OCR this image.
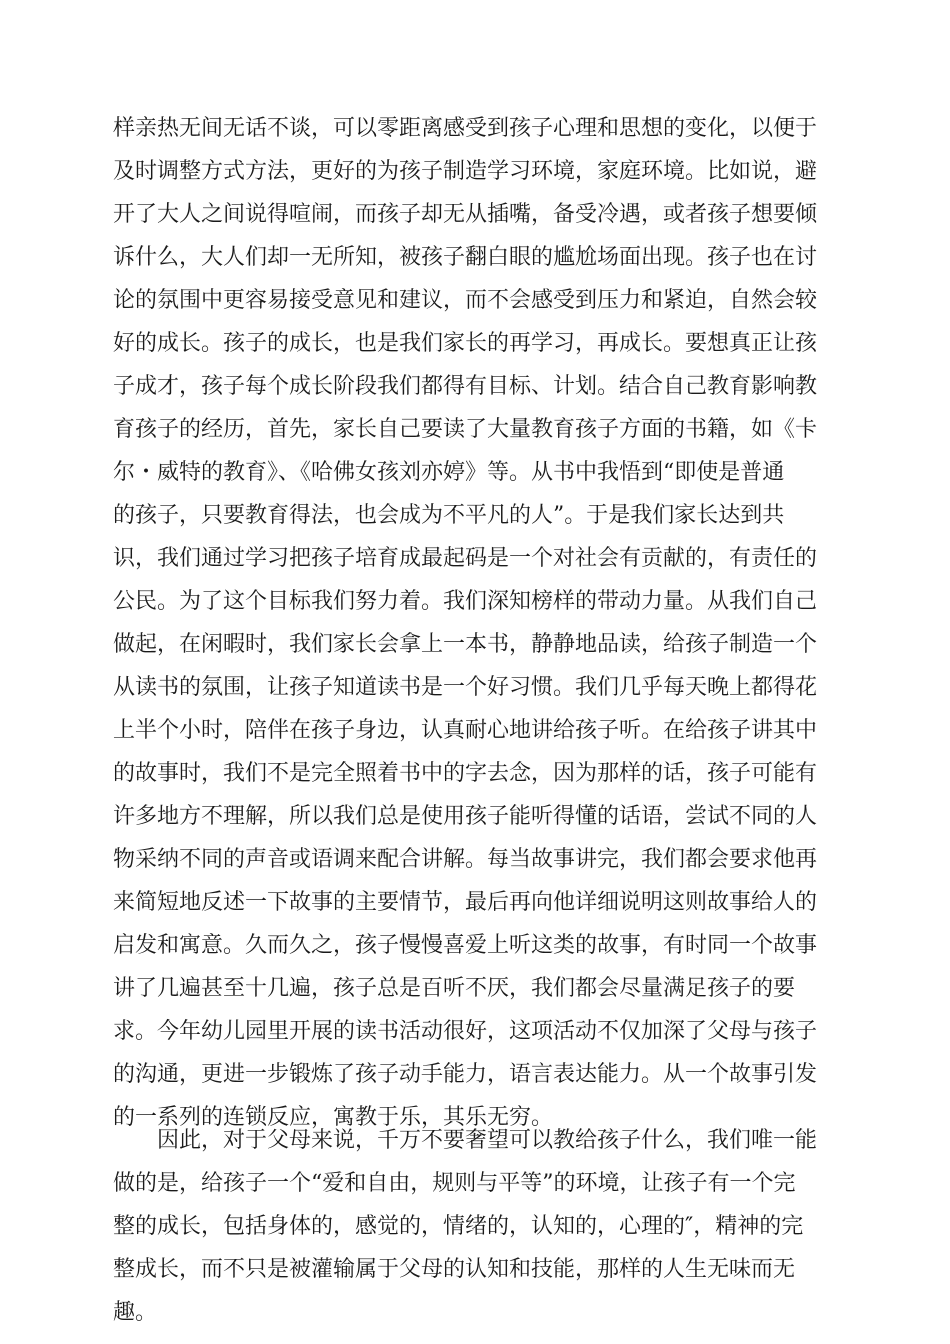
样亲热无间无话不谈，可以零距离感受到孩子心理和思想的变化，以便于
及时调整方式方法，更好的为孩子制造学习环境，家庭环境。比如说，避
开了大人之间说得喧闹，而孩子却无从插嘴，备受冷遇，或者孩子想要倾
诉什么，大人们却一无所知，被孩子翻白眼的尴尬场面出现。孩子也在讨
论的氛围中更容易接受意见和建议，而不会感受到压力和紧迫，自然会较
好的成长。孩子的成长，也是我们家长的再学习，再成长。要想真正让孩
子成才，孩子每个成长阶段我们都得有目标、计划。结合自己教育影响教
育孩子的经历，首先，家长自己要读了大量教育孩子方面的书籍，如《卡
尔・威特的教育》、《哈佛女孩刘亦婷》等。从书中我悟到“即使是普通
的孩子，只要教育得法，也会成为不平凡的人”。于是我们家长达到共
识，我们通过学习把孩子培育成最起码是一个对社会有贡献的，有责任的
公民。为了这个目标我们努力着。我们深知榜样的带动力量。从我们自己
做起，在闲暇时，我们家长会拿上一本书，静静地品读，给孩子制造一个
从读书的氛围，让孩子知道读书是一个好习惯。我们几乎每天晚上都得花
上半个小时，陪伴在孩子身边，认真耐心地讲给孩子听。在给孩子讲其中
的故事时，我们不是完全照着书中的字去念，因为那样的话，孩子可能有
许多地方不理解，所以我们总是使用孩子能听得懂的话语，尝试不同的人
物采纳不同的声音或语调来配合讲解。每当故事讲完，我们都会要求他再
来简短地反述一下故事的主要情节，最后再向他详细说明这则故事给人的
启发和寓意。久而久之，孩子慢慢喜爱上听这类的故事，有时同一个故事
讲了几遍甚至十几遍，孩子总是百听不厌，我们都会尽量满足孩子的要
求。今年幼儿园里开展的读书活动很好，这项活动不仅加深了父母与孩子
的沟通，更进一步锻炼了孩子动手能力，语言表达能力。从一个故事引发
的一系列的连锁反应，寓教于乐，其乐无穷。
因此，对于父母来说，千万不要奢望可以教给孩子什么，我们唯一能
做的是，给孩子一个“爱和自由，规则与平等”的环境，让孩子有一个完
整的成长，包括身体的，感觉的，情绪的，认知的，心理的″，精神的完
整成长，而不只是被灌输属于父母的认知和技能，那样的人生无味而无
趣。
